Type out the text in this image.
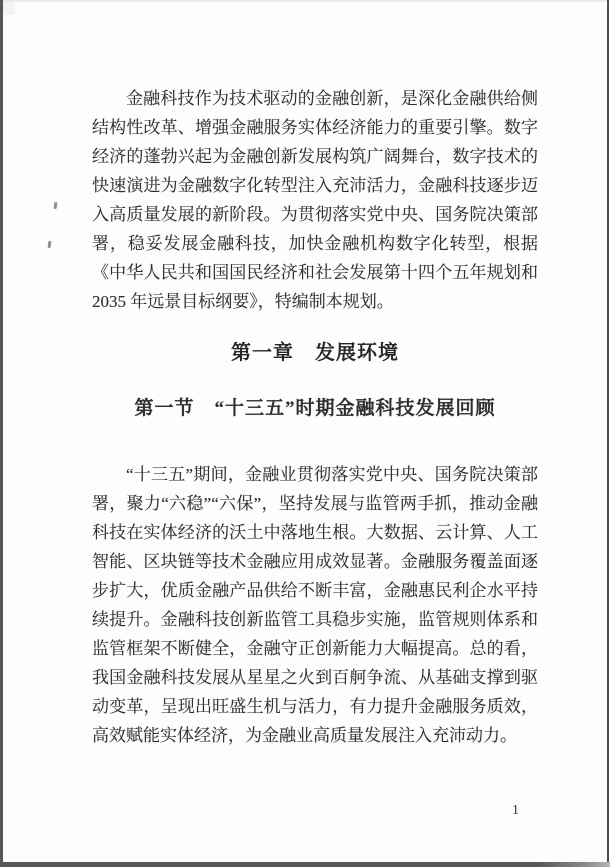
金融科技作为技术驱动的金融创新，是深化金融供给侧结构性改革、增强金融服务实体经济能力的重要引擎。数字经济的蓬勃兴起为金融创新发展构筑广阔舞台，数字技术的快速演进为金融数字化转型注入充沛活力，金融科技逐步迈入高质量发展的新阶段。为贯彻落实党中央、国务院决策部署，稳妥发展金融科技，加快金融机构数字化转型，根据《中华人民共和国国民经济和社会发展第十四个五年规划和2035 年远景目标纲要》，特编制本规划。

第一章　发展环境
第一节　“十三五”时期金融科技发展回顾

“十三五”期间，金融业贯彻落实党中央、国务院决策部署，聚力“六稳”“六保”，坚持发展与监管两手抓，推动金融科技在实体经济的沃土中落地生根。大数据、云计算、人工智能、区块链等技术金融应用成效显著。金融服务覆盖面逐步扩大，优质金融产品供给不断丰富，金融惠民利企水平持续提升。金融科技创新监管工具稳步实施，监管规则体系和监管框架不断健全，金融守正创新能力大幅提高。总的看，我国金融科技发展从星星之火到百舸争流、从基础支撑到驱动变革，呈现出旺盛生机与活力，有力提升金融服务质效，高效赋能实体经济，为金融业高质量发展注入充沛动力。

1
